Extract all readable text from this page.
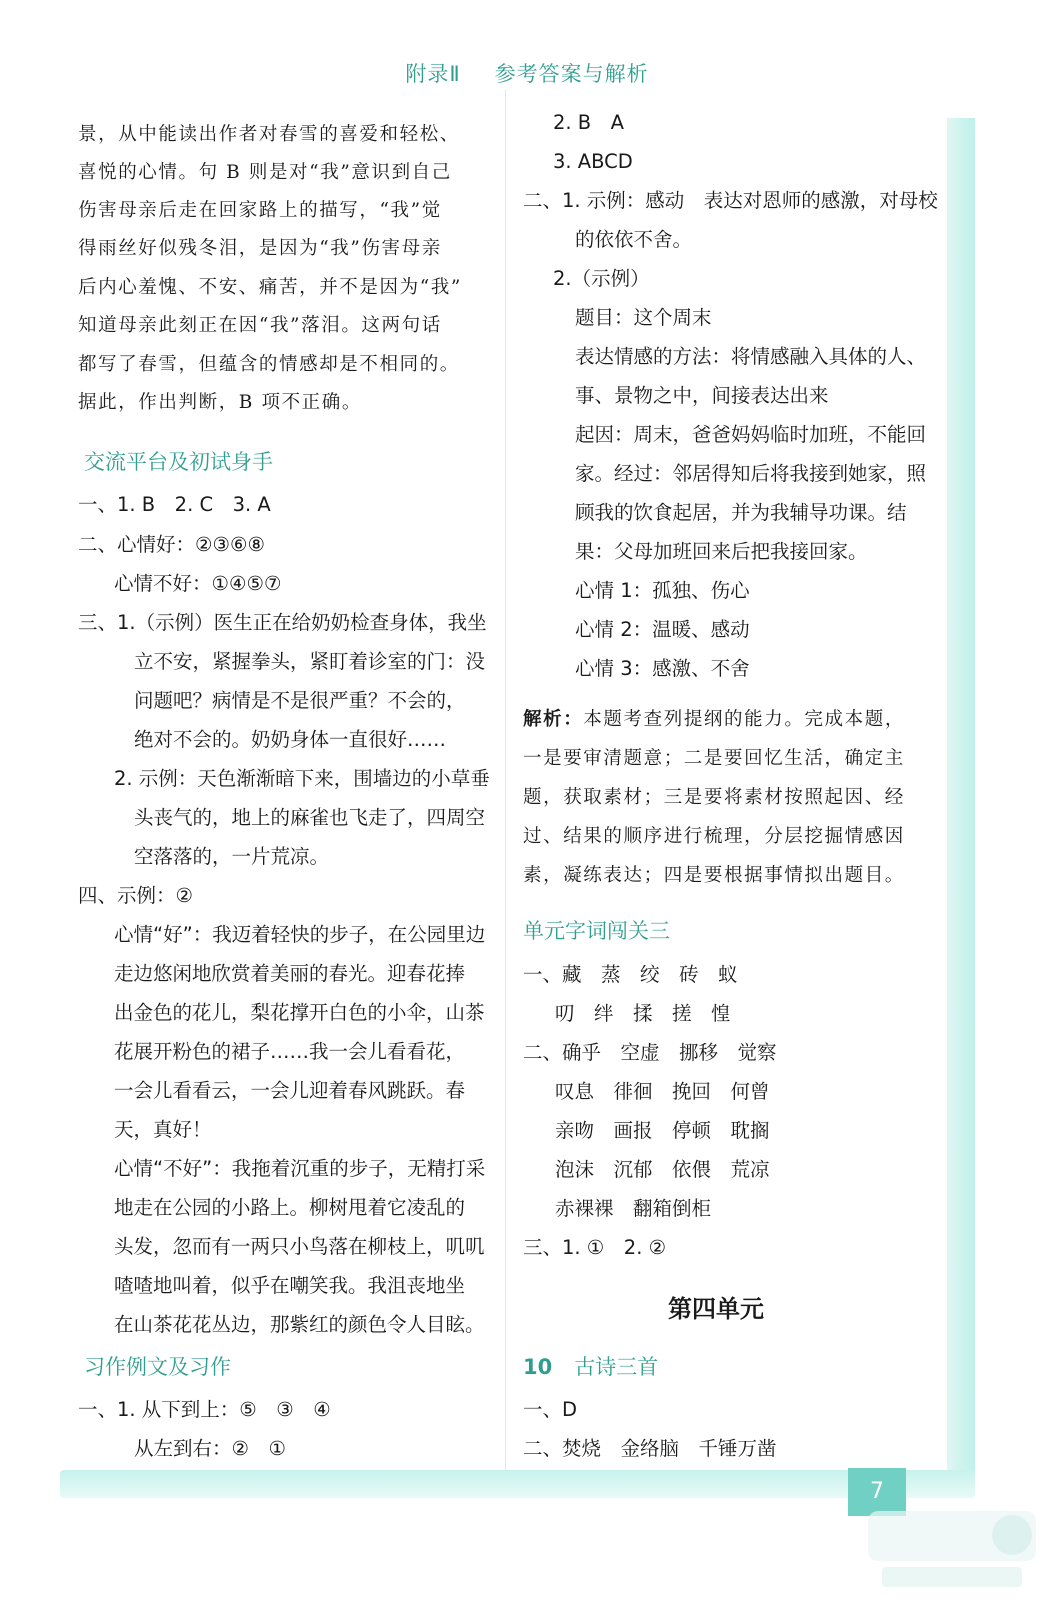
7
附录Ⅱ 参考答案与解析
景，从中能读出作者对春雪的喜爱和轻松、
喜悦的心情。句 B 则是对“我”意识到自己
伤害母亲后走在回家路上的描写，“我”觉
得雨丝好似残冬泪，是因为“我”伤害母亲
后内心羞愧、不安、痛苦，并不是因为“我”
知道母亲此刻正在因“我”落泪。这两句话
都写了春雪，但蕴含的情感却是不相同的。
据此，作出判断，B 项不正确。
交流平台及初试身手
一、1. B　2. C　3. A
二、心情好：②③⑥⑧
心情不好：①④⑤⑦
三、1.（示例）医生正在给奶奶检查身体，我坐
立不安，紧握拳头，紧盯着诊室的门：没
问题吧？病情是不是很严重？不会的，
绝对不会的。奶奶身体一直很好……
2. 示例：天色渐渐暗下来，围墙边的小草垂
头丧气的，地上的麻雀也飞走了，四周空
空落落的，一片荒凉。
四、示例：②
心情“好”：我迈着轻快的步子，在公园里边
走边悠闲地欣赏着美丽的春光。迎春花捧
出金色的花儿，梨花撑开白色的小伞，山茶
花展开粉色的裙子……我一会儿看看花，
一会儿看看云，一会儿迎着春风跳跃。春
天，真好！
心情“不好”：我拖着沉重的步子，无精打采
地走在公园的小路上。柳树甩着它凌乱的
头发，忽而有一两只小鸟落在柳枝上，叽叽
喳喳地叫着，似乎在嘲笑我。我沮丧地坐
在山茶花花丛边，那紫红的颜色令人目眩。
习作例文及习作
一、1. 从下到上：⑤　③　④
从左到右：②　①
2. B　A
3. ABCD
二、1. 示例：感动　表达对恩师的感激，对母校
的依依不舍。
2.（示例）
题目：这个周末
表达情感的方法：将情感融入具体的人、
事、景物之中，间接表达出来
起因：周末，爸爸妈妈临时加班，不能回
家。经过：邻居得知后将我接到她家，照
顾我的饮食起居，并为我辅导功课。结
果：父母加班回来后把我接回家。
心情 1：孤独、伤心
心情 2：温暖、感动
心情 3：感激、不舍
解析：本题考查列提纲的能力。完成本题，
一是要审清题意；二是要回忆生活，确定主
题，获取素材；三是要将素材按照起因、经
过、结果的顺序进行梳理，分层挖掘情感因
素，凝练表达；四是要根据事情拟出题目。
单元字词闯关三
一、藏　蒸　绞　砖　蚁
叨　绊　揉　搓　惶
二、确乎　空虚　挪移　觉察
叹息　徘徊　挽回　何曾
亲吻　画报　停顿　耽搁
泡沫　沉郁　依偎　荒凉
赤裸裸　翻箱倒柜
三、1. ①　2. ②
第四单元
10 古诗三首
一、D
二、焚烧　金络脑　千锤万凿
